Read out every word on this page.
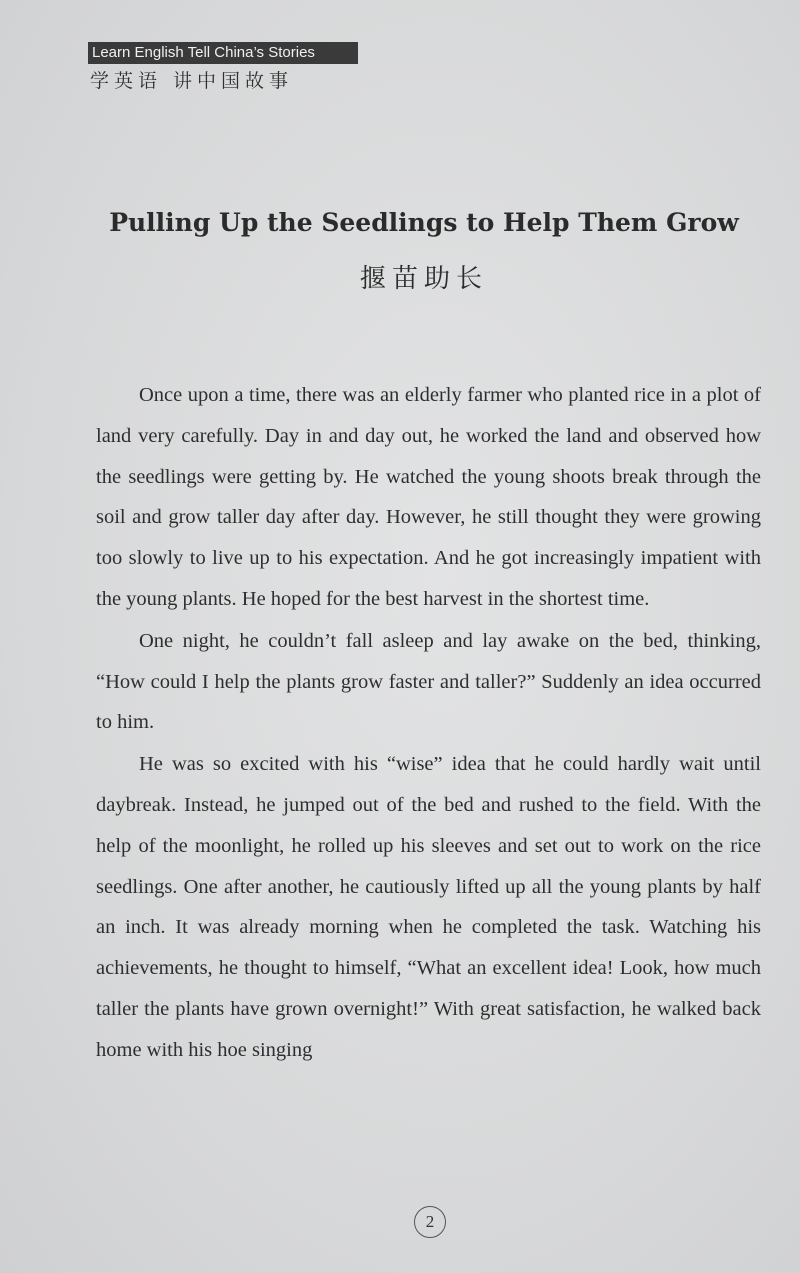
Learn English Tell China’s Stories
学英语 讲中国故事
Pulling Up the Seedlings to Help Them Grow
揠苗助长

Once upon a time, there was an elderly farmer who planted rice in a plot of land very carefully. Day in and day out, he worked the land and observed how the seedlings were getting by. He watched the young shoots break through the soil and grow taller day after day. However, he still thought they were growing too slowly to live up to his expectation. And he got increasingly impatient with the young plants. He hoped for the best harvest in the shortest time.

One night, he couldn’t fall asleep and lay awake on the bed, thinking, “How could I help the plants grow faster and taller?” Suddenly an idea occurred to him.

He was so excited with his “wise” idea that he could hardly wait until daybreak. Instead, he jumped out of the bed and rushed to the field. With the help of the moonlight, he rolled up his sleeves and set out to work on the rice seedlings. One after another, he cautiously lifted up all the young plants by half an inch. It was already morning when he completed the task. Watching his achievements, he thought to himself, “What an excellent idea! Look, how much taller the plants have grown overnight!” With great satisfaction, he walked back home with his hoe singing

2
